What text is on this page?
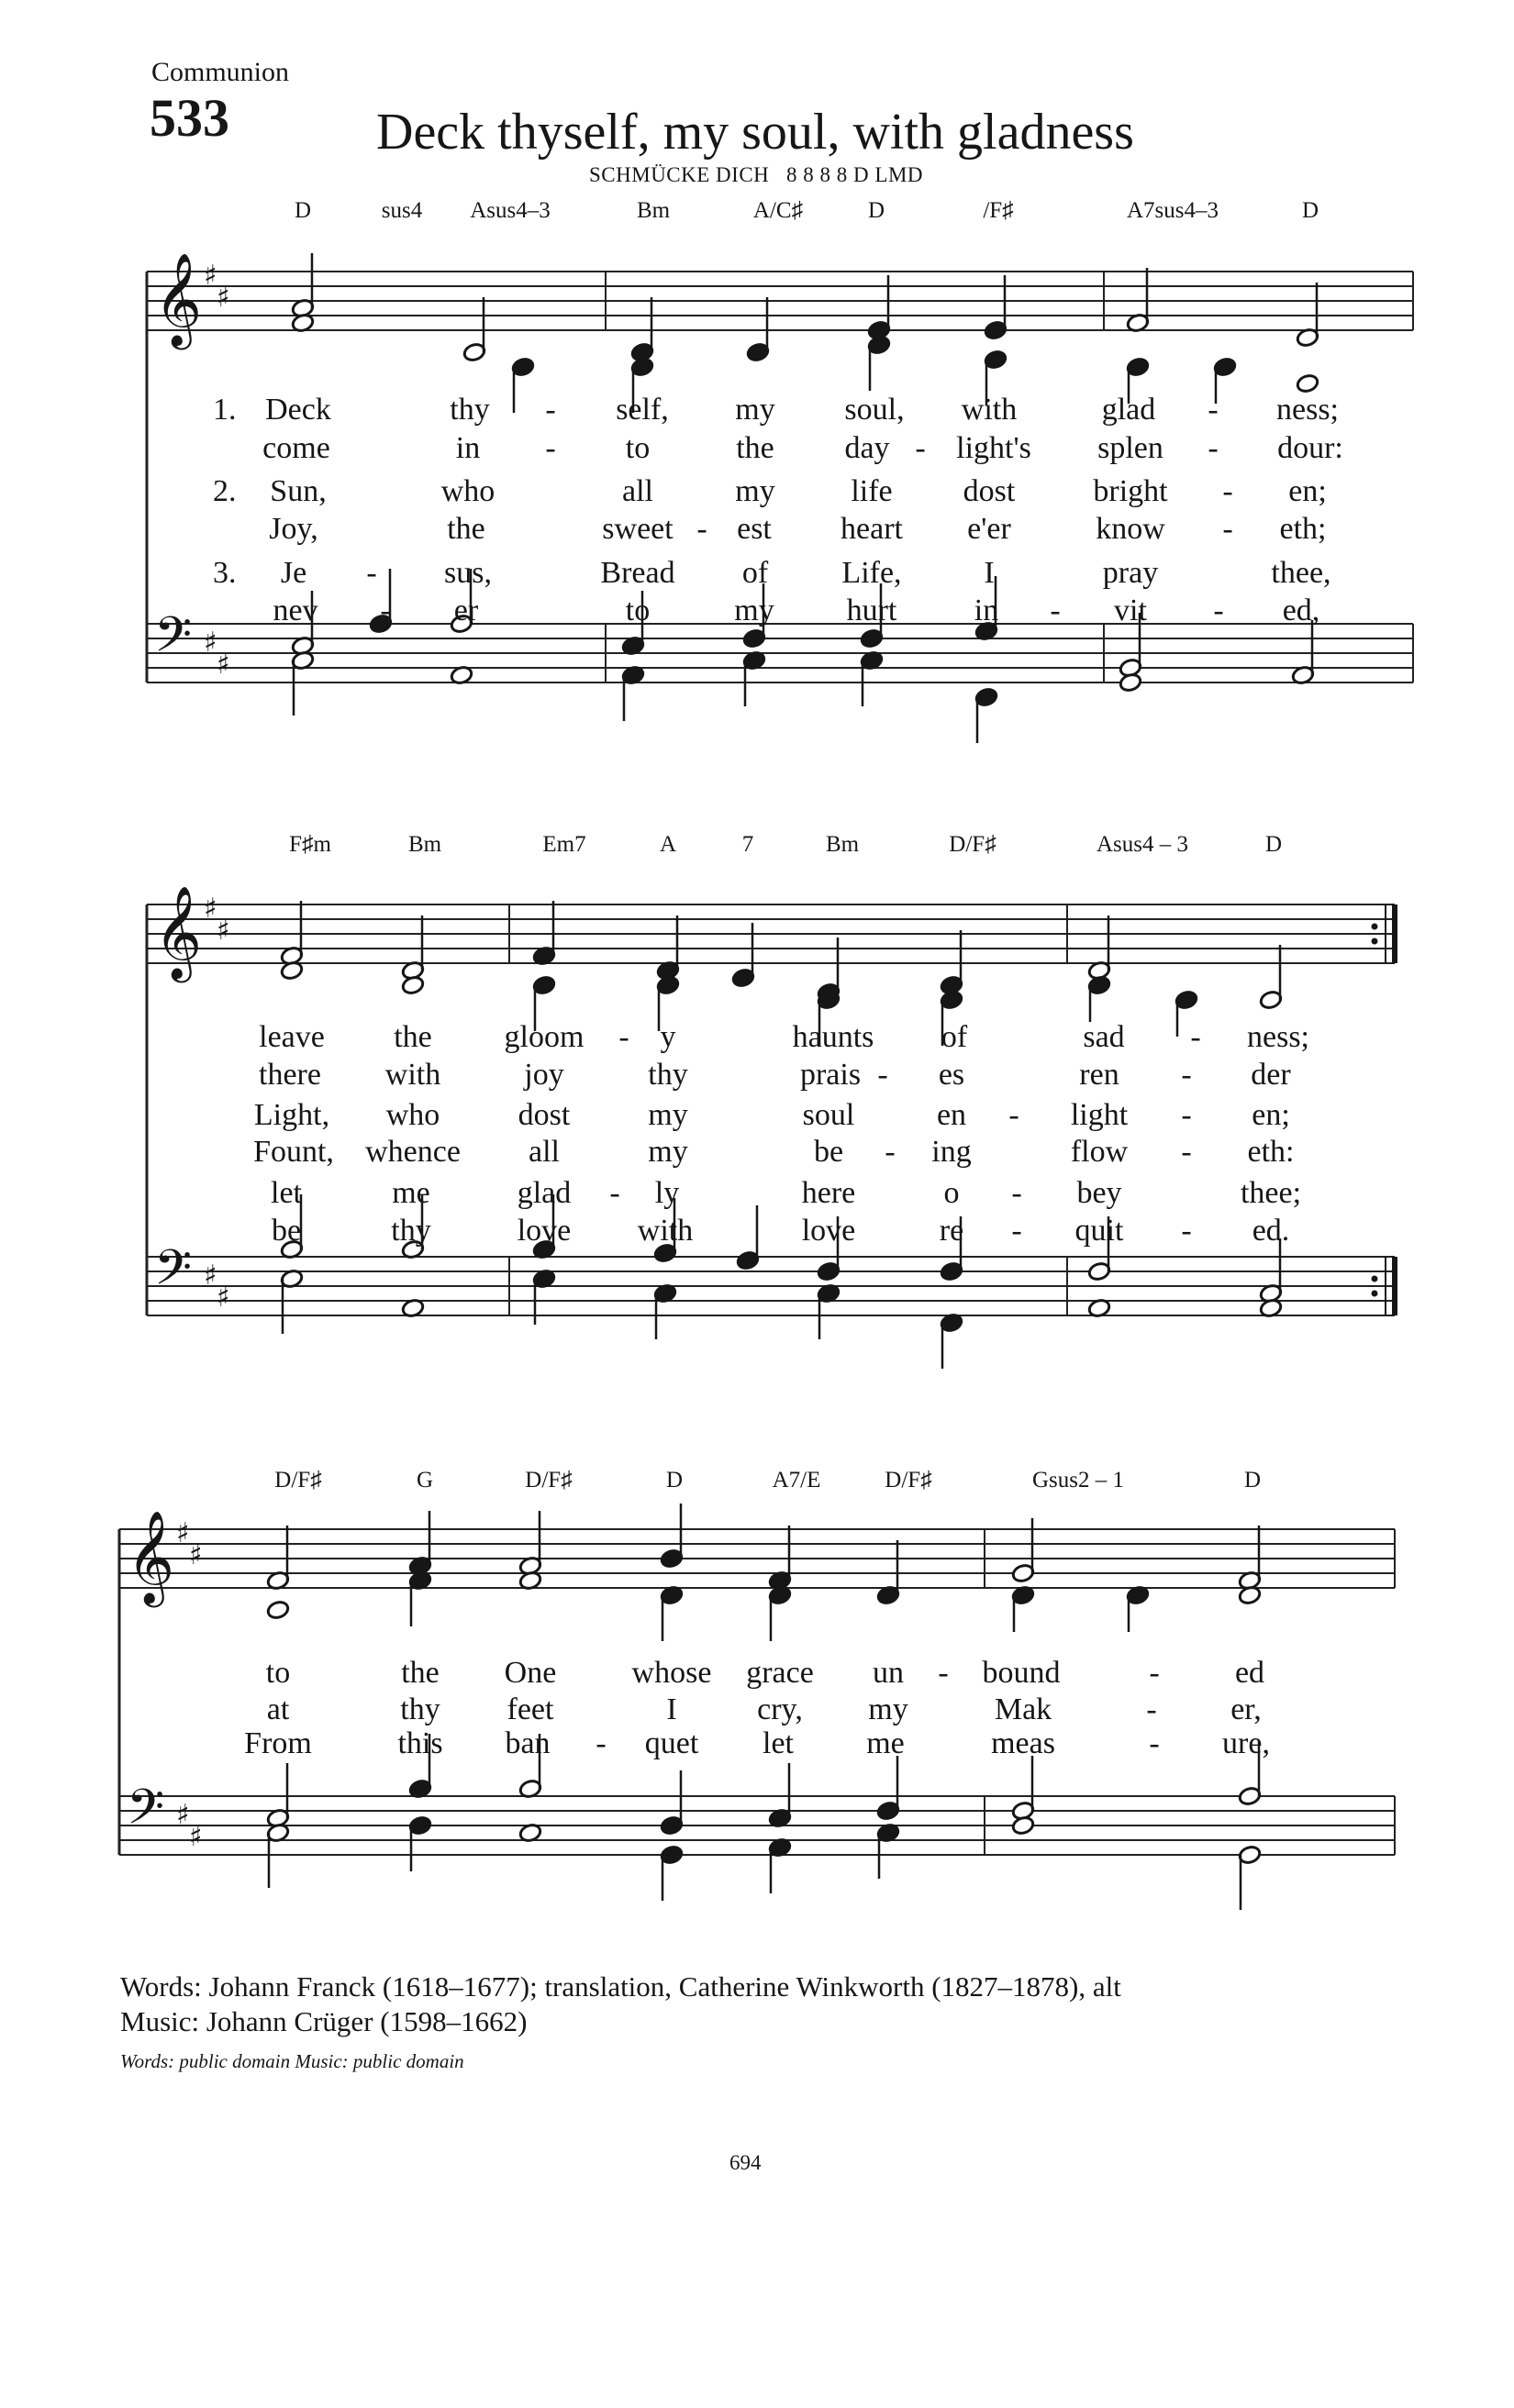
Communion
533	Deck thyself, my soul, with gladness
SCHMÜCKE DICH 8 8 8 8 D LMD
D	sus4 Asus4–3	Bm	A/C♯	D	/F♯	A7sus4–3	D
𝄞
𝄢
♯
♯
♯
♯
1. Deck	thy - self, my soul, with	glad - ness;
come	in - to	the day - light's splen - dour:
2. Sun,	who	all	my life dost	bright - en;
Joy,	the	sweet - est heart e'er	know - eth;
3. Je - sus,	Bread of Life,	I	pray	thee,
nev - er	to	my hurt in - vit - ed,
F♯m	Bm	Em7	A	7	Bm	D/F♯	Asus4 – 3	D
𝄞
𝄢
♯
♯
♯
♯
leave the gloom - y	haunts of	sad - ness;
there with	joy	thy	prais - es	ren - der
Light, who	dost my	soul	en - light - en;
Fount, whence all	my	be - ing	flow - eth:
let	me	glad - ly	here	o - bey	thee;
be	thy	love with	love	re - quit - ed.
D/F♯	G	D/F♯	D	A7/E	D/F♯	Gsus2 – 1	D
𝄞
𝄢
♯
♯
♯
♯
to	the One whose grace un - bound	- ed
at	thy feet	I	cry, my	Mak	- er,
From	this ban - quet let me	meas	- ure,
Words: Johann Franck (1618–1677); translation, Catherine Winkworth (1827–1878), alt
Music: Johann Crüger (1598–1662)
Words: public domain Music: public domain
694
